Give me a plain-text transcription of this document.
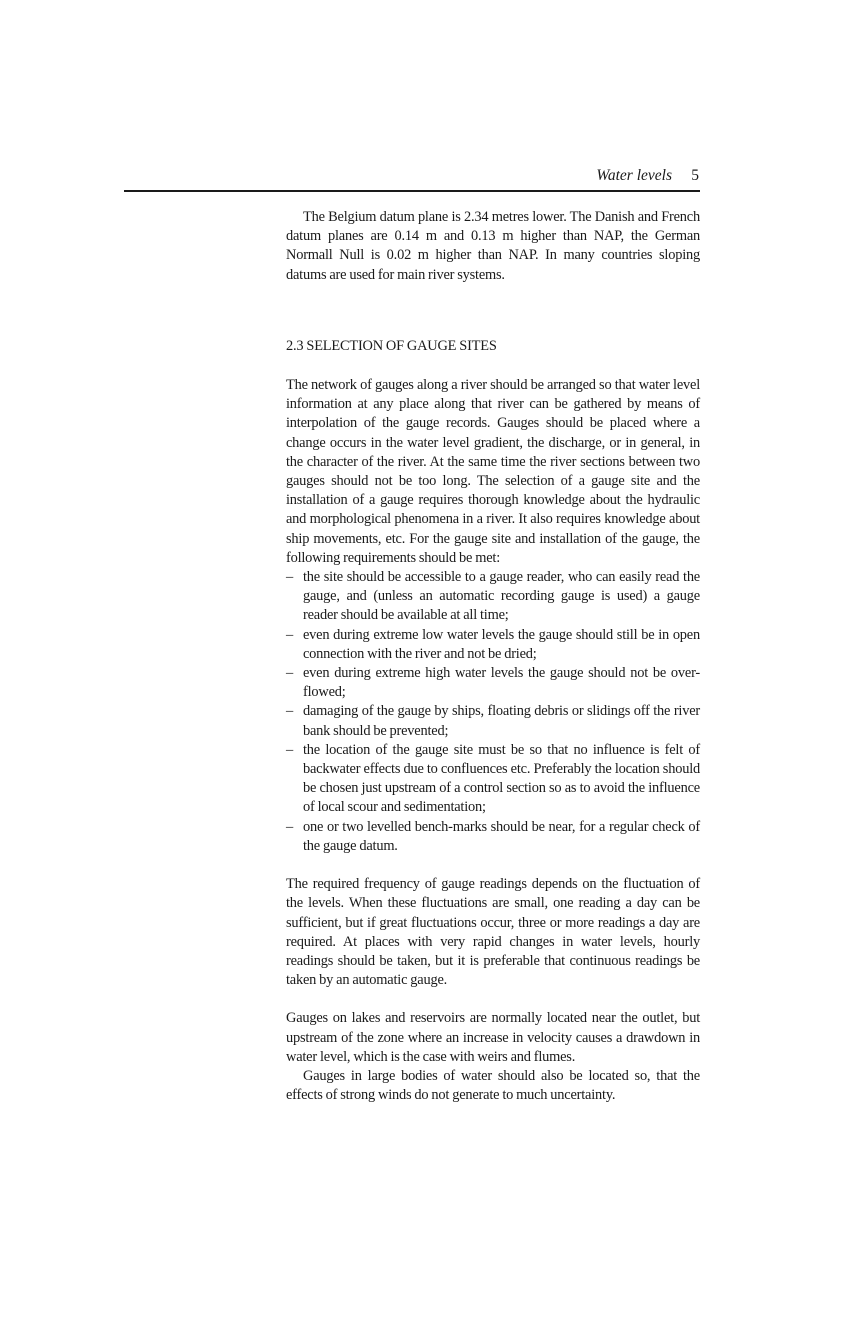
Water levels 5

The Belgium datum plane is 2.34 metres lower. The Danish and French datum planes are 0.14 m and 0.13 m higher than NAP, the German Normall Null is 0.02 m higher than NAP. In many countries sloping datums are used for main river systems.

2.3 SELECTION OF GAUGE SITES

The network of gauges along a river should be arranged so that water level information at any place along that river can be gathered by means of interpolation of the gauge records. Gauges should be placed where a change occurs in the water level gradient, the discharge, or in general, in the character of the river. At the same time the river sections between two gauges should not be too long. The selection of a gauge site and the installation of a gauge requires thorough knowledge about the hydraulic and morphological phenomena in a river. It also requires knowledge about ship movements, etc. For the gauge site and installation of the gauge, the following requirements should be met:

– the site should be accessible to a gauge reader, who can easily read the gauge, and (unless an automatic recording gauge is used) a gauge reader should be available at all time;
– even during extreme low water levels the gauge should still be in open connection with the river and not be dried;
– even during extreme high water levels the gauge should not be over-flowed;
– damaging of the gauge by ships, floating debris or slidings off the river bank should be prevented;
– the location of the gauge site must be so that no influence is felt of backwater effects due to confluences etc. Preferably the location should be chosen just upstream of a control section so as to avoid the influence of local scour and sedimentation;
– one or two levelled bench-marks should be near, for a regular check of the gauge datum.

The required frequency of gauge readings depends on the fluctuation of the levels. When these fluctuations are small, one reading a day can be sufficient, but if great fluctuations occur, three or more readings a day are required. At places with very rapid changes in water levels, hourly readings should be taken, but it is preferable that continuous readings be taken by an automatic gauge.

Gauges on lakes and reservoirs are normally located near the outlet, but upstream of the zone where an increase in velocity causes a drawdown in water level, which is the case with weirs and flumes.

Gauges in large bodies of water should also be located so, that the effects of strong winds do not generate to much uncertainty.
